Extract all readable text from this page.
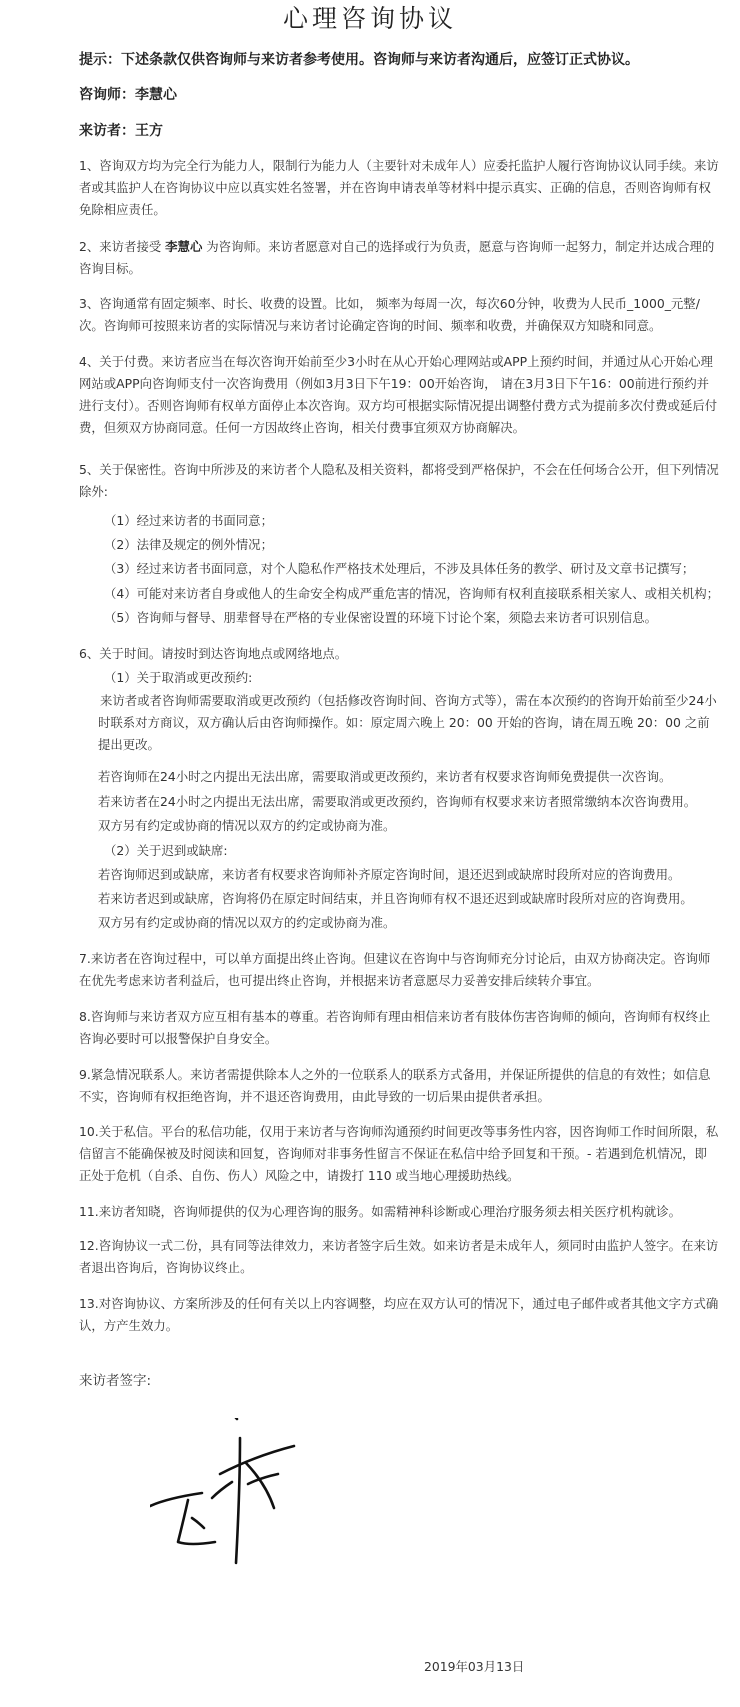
心理咨询协议

提示：下述条款仅供咨询师与来访者参考使用。咨询师与来访者沟通后，应签订正式协议。

咨询师：李慧心

来访者：王方

1、咨询双方均为完全行为能力人，限制行为能力人（主要针对未成年人）应委托监护人履行咨询协议认同手续。来访者或其监护人在咨询协议中应以真实姓名签署，并在咨询申请表单等材料中提示真实、正确的信息，否则咨询师有权免除相应责任。

2、来访者接受 李慧心 为咨询师。来访者愿意对自己的选择或行为负责，愿意与咨询师一起努力，制定并达成合理的咨询目标。

3、咨询通常有固定频率、时长、收费的设置。比如， 频率为每周一次，每次60分钟，收费为人民币_1000_元整/次。咨询师可按照来访者的实际情况与来访者讨论确定咨询的时间、频率和收费，并确保双方知晓和同意。

4、关于付费。来访者应当在每次咨询开始前至少3小时在从心开始心理网站或APP上预约时间，并通过从心开始心理网站或APP向咨询师支付一次咨询费用（例如3月3日下午19：00开始咨询， 请在3月3日下午16：00前进行预约并进行支付）。否则咨询师有权单方面停止本次咨询。双方均可根据实际情况提出调整付费方式为提前多次付费或延后付费，但须双方协商同意。任何一方因故终止咨询，相关付费事宜须双方协商解决。

5、关于保密性。咨询中所涉及的来访者个人隐私及相关资料，都将受到严格保护，不会在任何场合公开，但下列情况除外:

（1）经过来访者的书面同意；
（2）法律及规定的例外情况；
（3）经过来访者书面同意，对个人隐私作严格技术处理后，不涉及具体任务的教学、研讨及文章书记撰写；
（4）可能对来访者自身或他人的生命安全构成严重危害的情况，咨询师有权利直接联系相关家人、或相关机构；
（5）咨询师与督导、朋辈督导在严格的专业保密设置的环境下讨论个案，须隐去来访者可识别信息。

6、关于时间。请按时到达咨询地点或网络地点。

（1）关于取消或更改预约:

来访者或者咨询师需要取消或更改预约（包括修改咨询时间、咨询方式等），需在本次预约的咨询开始前至少24小时联系对方商议，双方确认后由咨询师操作。如：原定周六晚上 20：00 开始的咨询，请在周五晚 20：00 之前提出更改。

若咨询师在24小时之内提出无法出席，需要取消或更改预约，来访者有权要求咨询师免费提供一次咨询。
若来访者在24小时之内提出无法出席，需要取消或更改预约，咨询师有权要求来访者照常缴纳本次咨询费用。
双方另有约定或协商的情况以双方的约定或协商为准。
（2）关于迟到或缺席:
若咨询师迟到或缺席，来访者有权要求咨询师补齐原定咨询时间，退还迟到或缺席时段所对应的咨询费用。
若来访者迟到或缺席，咨询将仍在原定时间结束，并且咨询师有权不退还迟到或缺席时段所对应的咨询费用。
双方另有约定或协商的情况以双方的约定或协商为准。

7.来访者在咨询过程中，可以单方面提出终止咨询。但建议在咨询中与咨询师充分讨论后，由双方协商决定。咨询师在优先考虑来访者利益后，也可提出终止咨询，并根据来访者意愿尽力妥善安排后续转介事宜。

8.咨询师与来访者双方应互相有基本的尊重。若咨询师有理由相信来访者有肢体伤害咨询师的倾向，咨询师有权终止咨询必要时可以报警保护自身安全。

9.紧急情况联系人。来访者需提供除本人之外的一位联系人的联系方式备用，并保证所提供的信息的有效性；如信息不实，咨询师有权拒绝咨询，并不退还咨询费用，由此导致的一切后果由提供者承担。

10.关于私信。平台的私信功能，仅用于来访者与咨询师沟通预约时间更改等事务性内容，因咨询师工作时间所限，私信留言不能确保被及时阅读和回复，咨询师对非事务性留言不保证在私信中给予回复和干预。- 若遇到危机情况，即正处于危机（自杀、自伤、伤人）风险之中，请拨打 110 或当地心理援助热线。

11.来访者知晓，咨询师提供的仅为心理咨询的服务。如需精神科诊断或心理治疗服务须去相关医疗机构就诊。

12.咨询协议一式二份，具有同等法律效力，来访者签字后生效。如来访者是未成年人，须同时由监护人签字。在来访者退出咨询后，咨询协议终止。

13.对咨询协议、方案所涉及的任何有关以上内容调整，均应在双方认可的情况下，通过电子邮件或者其他文字方式确认，方产生效力。

来访者签字:

2019年03月13日
